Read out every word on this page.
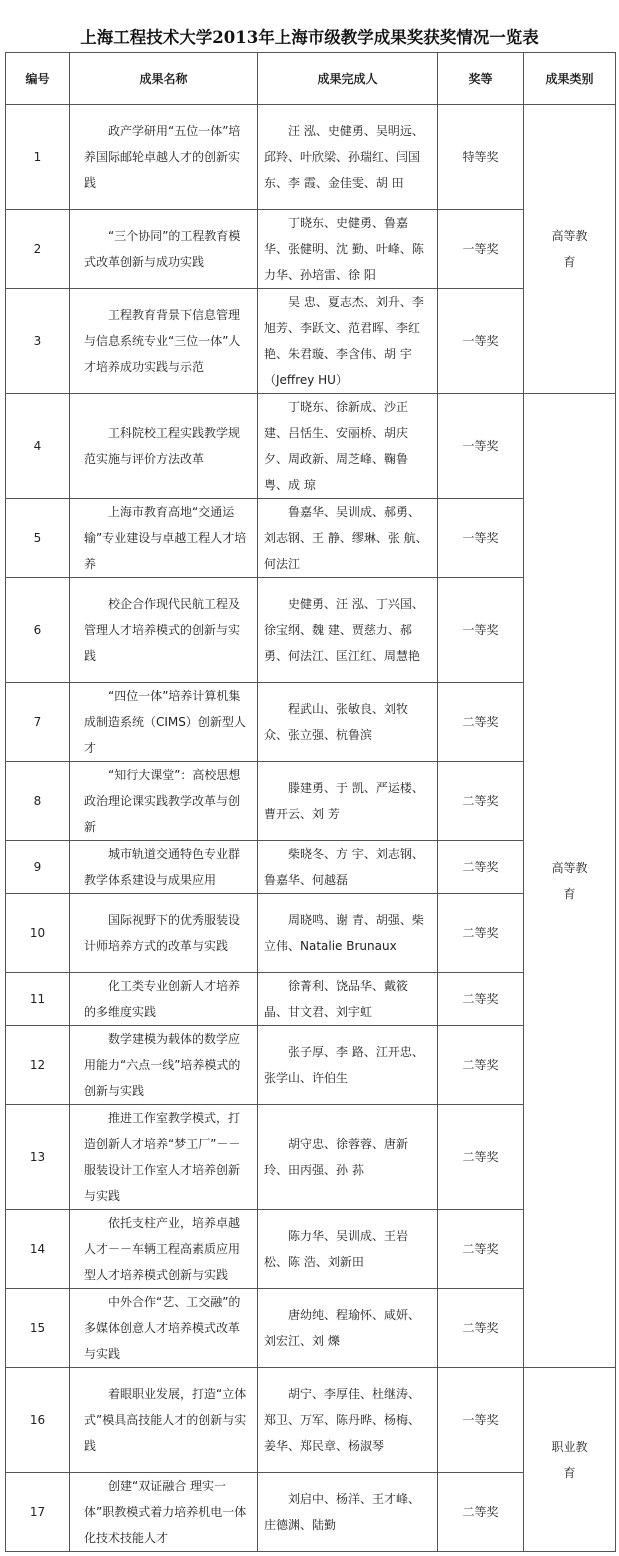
上海工程技术大学2013年上海市级教学成果奖获奖情况一览表
编号	成果名称	成果完成人	奖等	成果类别
1	政产学研用“五位一体”培养国际邮轮卓越人才的创新实践	汪 泓、史健勇、吴明远、邱羚、叶欣梁、孙瑞红、闫国东、李 霞、金佳雯、胡 田	特等奖	高等教育
2	“三个协同”的工程教育模式改革创新与成功实践	丁晓东、史健勇、鲁嘉华、张健明、沈 勤、叶峰、陈力华、孙培雷、徐 阳	一等奖	
3	工程教育背景下信息管理与信息系统专业“三位一体”人才培养成功实践与示范	吴 忠、夏志杰、刘升、李旭芳、李跃文、范君晖、李红艳、朱君璇、李含伟、胡 宇（Jeffrey HU）	一等奖	
4	工科院校工程实践教学规范实施与评价方法改革	丁晓东、徐新成、沙正建、吕恬生、安丽桥、胡庆夕、周政新、周芝峰、鞠鲁粤、成 琼	一等奖	高等教育
5	上海市教育高地“交通运输”专业建设与卓越工程人才培养	鲁嘉华、吴训成、郝勇、刘志钢、王 静、缪琳、张 航、何法江	一等奖	
6	校企合作现代民航工程及管理人才培养模式的创新与实践	史健勇、汪 泓、丁兴国、徐宝纲、魏 建、贾慈力、郝 勇、何法江、匡江红、周慧艳	一等奖	
7	“四位一体”培养计算机集成制造系统（CIMS）创新型人才	程武山、张敏良、刘牧众、张立强、杭鲁滨	二等奖	
8	“知行大课堂”：高校思想政治理论课实践教学改革与创新	滕建勇、于 凯、严运楼、曹开云、刘 芳	二等奖	
9	城市轨道交通特色专业群教学体系建设与成果应用	柴晓冬、方 宇、刘志钢、鲁嘉华、何越磊	二等奖	
10	国际视野下的优秀服装设计师培养方式的改革与实践	周晓鸣、谢 青、胡强、柴立伟、Natalie Brunaux	二等奖	
11	化工类专业创新人才培养的多维度实践	徐菁利、饶品华、戴筱晶、甘文君、刘宇虹	二等奖	
12	数学建模为载体的数学应用能力“六点一线”培养模式的创新与实践	张子厚、李 路、江开忠、张学山、许伯生	二等奖	
13	推进工作室教学模式，打造创新人才培养“梦工厂”－－服装设计工作室人才培养创新与实践	胡守忠、徐蓉蓉、唐新玲、田丙强、孙 荪	二等奖	
14	依托支柱产业，培养卓越人才－－车辆工程高素质应用型人才培养模式创新与实践	陈力华、吴训成、王岩松、陈 浩、刘新田	二等奖	
15	中外合作“艺、工交融”的多媒体创意人才培养模式改革与实践	唐幼纯、程瑜怀、咸妍、刘宏江、刘 爍	二等奖	
16	着眼职业发展，打造“立体式”模具高技能人才的创新与实践	胡宁、李厚佳、杜继涛、郑卫、万军、陈丹晔、杨梅、姜华、郑民章、杨淑琴	一等奖	职业教育
17	创建“双证融合 理实一体”职教模式着力培养机电一体化技术技能人才	刘启中、杨洋、王才峰、庄德渊、陆勤	二等奖	
